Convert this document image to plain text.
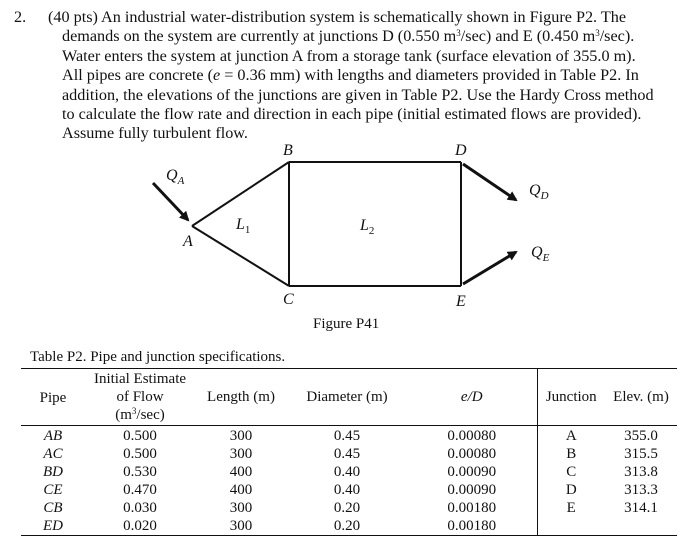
2. (40 pts) An industrial water-distribution system is schematically shown in Figure P2. The

demands on the system are currently at junctions D (0.550 $m^3/\sec$) and E (0.450 $m^3/\sec$).

Water enters the system at junction A from a storage tank (surface elevation of 355.0 m).

All pipes are concrete (e = 0.36 mm) with lengths and diameters provided in Table P2. In

addition, the elevations of the junctions are given in Table P2. Use the Hardy Cross method

to calculate the flow rate and direction in each pipe (initial estimated flows are provided).

Assume fully turbulent flow.

A
B
C
D
E
$L_1$	$L_2$
$Q_A$
$Q_D$
$Q_E$
Figure P41
Table P2. Pipe and junction specifications.
Pipe	Initial Estimate
of Flow
$(m^3/\sec)$	Length (m)	Diameter (m)	e/D	Junction	Elev. (m)
AB	0.500	300	0.45	0.00080	A	355.0
AC	0.500	300	0.45	0.00080	B	315.5
BD	0.530	400	0.40	0.00090	C	313.8
CE	0.470	400	0.40	0.00090	D	313.3
CB	0.030	300	0.20	0.00180	E	314.1
ED	0.020	300	0.20	0.00180		
